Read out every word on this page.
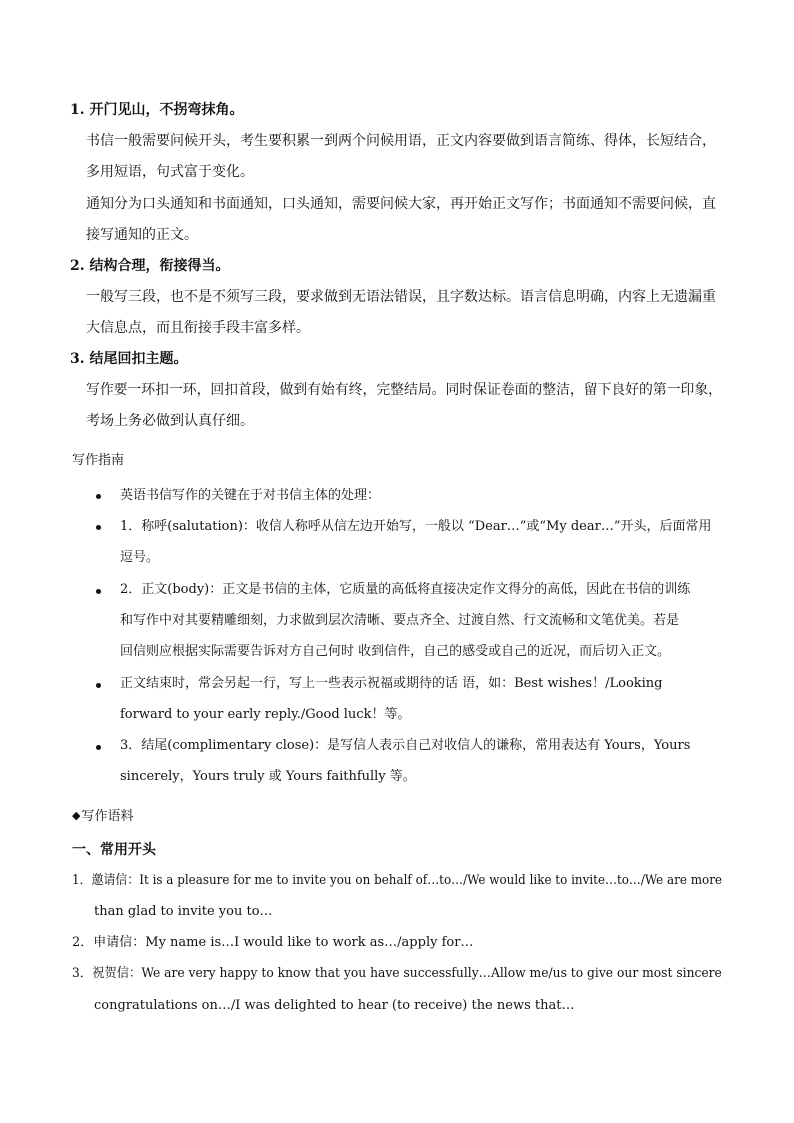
1. 开门见山，不拐弯抹角。
书信一般需要问候开头，考生要积累一到两个问候用语，正文内容要做到语言简练、得体，长短结合，
多用短语，句式富于变化。
通知分为口头通知和书面通知，口头通知，需要问候大家，再开始正文写作；书面通知不需要问候，直
接写通知的正文。
2. 结构合理，衔接得当。
一般写三段，也不是不须写三段，要求做到无语法错误，且字数达标。语言信息明确，内容上无遗漏重
大信息点，而且衔接手段丰富多样。
3. 结尾回扣主题。
写作要一环扣一环，回扣首段，做到有始有终，完整结局。同时保证卷面的整洁，留下良好的第一印象，
考场上务必做到认真仔细。
写作指南
英语书信写作的关键在于对书信主体的处理：
1．称呼(salutation)：收信人称呼从信左边开始写，一般以 “Dear…”或“My dear…”开头，后面常用
逗号。
2．正文(body)：正文是书信的主体，它质量的高低将直接决定作文得分的高低，因此在书信的训练
和写作中对其要精雕细刻，力求做到层次清晰、要点齐全、过渡自然、行文流畅和文笔优美。若是
回信则应根据实际需要告诉对方自己何时 收到信件，自己的感受或自己的近况，而后切入正文。
正文结束时，常会另起一行，写上一些表示祝福或期待的话 语，如：Best wishes！/Looking
forward to your early reply./Good luck！等。
3．结尾(complimentary close)：是写信人表示自己对收信人的谦称，常用表达有 Yours，Yours
sincerely，Yours truly 或 Yours faithfully 等。
◆写作语料
一、常用开头
1．邀请信：It is a pleasure for me to invite you on behalf of…to…/We would like to invite…to…/We are more
than glad to invite you to…
2．申请信：My name is…I would like to work as…/apply for…
3．祝贺信：We are very happy to know that you have successfully…Allow me/us to give our most sincere
congratulations on…/I was delighted to hear (to receive) the news that…
